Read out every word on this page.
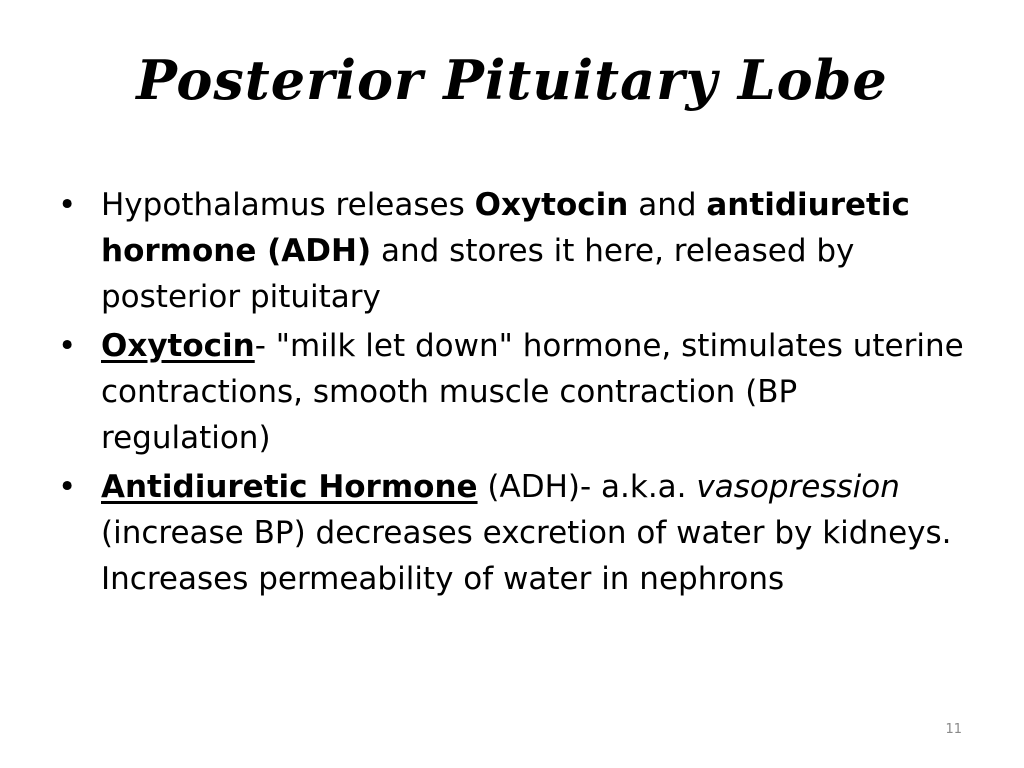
Posterior Pituitary Lobe
• Hypothalamus releases Oxytocin and antidiuretic hormone (ADH) and stores it here, released by posterior pituitary
• Oxytocin- "milk let down" hormone, stimulates uterine contractions, smooth muscle contraction (BP regulation)
• Antidiuretic Hormone (ADH)- a.k.a. vasopression (increase BP) decreases excretion of water by kidneys. Increases permeability of water in nephrons
11
